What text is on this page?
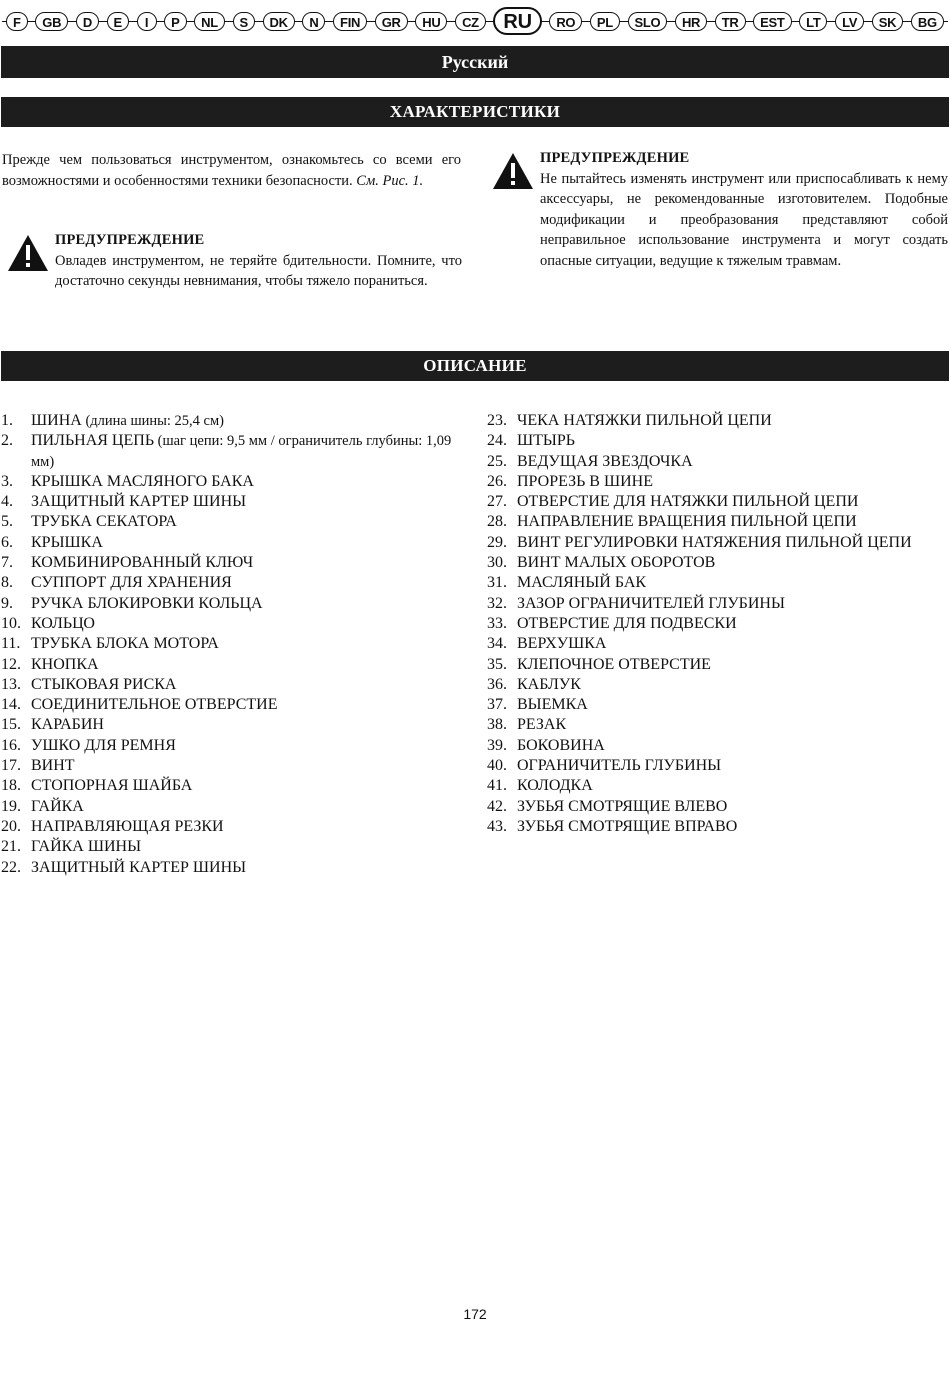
F	GB	D	E	I	P	NL	S	DK	N	FIN	GR	HU	CZ	RU	RO	PL	SLO	HR	TR	EST	LT	LV	SK	BG
Русский
ХАРАКТЕРИСТИКИ
Прежде чем пользоваться инструментом, ознакомьтесь со всеми его возможностями и особенностями техники безопасности. См. Рис. 1.
ПРЕДУПРЕЖДЕНИЕ
Овладев инструментом, не теряйте бдительности. Помните, что достаточно секунды невнимания, чтобы тяжело пораниться.
ПРЕДУПРЕЖДЕНИЕ
Не пытайтесь изменять инструмент или приспосабливать к нему аксессуары, не рекомендованные изготовителем. Подобные модификации и преобразования представляют собой неправильное использование инструмента и могут создать опасные ситуации, ведущие к тяжелым травмам.
ОПИСАНИЕ
1. ШИНА (длина шины: 25,4 см)
2. ПИЛЬНАЯ ЦЕПЬ (шаг цепи: 9,5 мм / ограничитель глубины: 1,09 мм)
3. КРЫШКА МАСЛЯНОГО БАКА
4. ЗАЩИТНЫЙ КАРТЕР ШИНЫ
5. ТРУБКА СЕКАТОРА
6. КРЫШКА
7. КОМБИНИРОВАННЫЙ КЛЮЧ
8. СУППОРТ ДЛЯ ХРАНЕНИЯ
9. РУЧКА БЛОКИРОВКИ КОЛЬЦА
10. КОЛЬЦО
11. ТРУБКА БЛОКА МОТОРА
12. КНОПКА
13. СТЫКОВАЯ РИСКА
14. СОЕДИНИТЕЛЬНОЕ ОТВЕРСТИЕ
15. КАРАБИН
16. УШКО ДЛЯ РЕМНЯ
17. ВИНТ
18. СТОПОРНАЯ ШАЙБА
19. ГАЙКА
20. НАПРАВЛЯЮЩАЯ РЕЗКИ
21. ГАЙКА ШИНЫ
22. ЗАЩИТНЫЙ КАРТЕР ШИНЫ
23. ЧЕКА НАТЯЖКИ ПИЛЬНОЙ ЦЕПИ
24. ШТЫРЬ
25. ВЕДУЩАЯ ЗВЕЗДОЧКА
26. ПРОРЕЗЬ В ШИНЕ
27. ОТВЕРСТИЕ ДЛЯ НАТЯЖКИ ПИЛЬНОЙ ЦЕПИ
28. НАПРАВЛЕНИЕ ВРАЩЕНИЯ ПИЛЬНОЙ ЦЕПИ
29. ВИНТ РЕГУЛИРОВКИ НАТЯЖЕНИЯ ПИЛЬНОЙ ЦЕПИ
30. ВИНТ МАЛЫХ ОБОРОТОВ
31. МАСЛЯНЫЙ БАК
32. ЗАЗОР ОГРАНИЧИТЕЛЕЙ ГЛУБИНЫ
33. ОТВЕРСТИЕ ДЛЯ ПОДВЕСКИ
34. ВЕРХУШКА
35. КЛЕПОЧНОЕ ОТВЕРСТИЕ
36. КАБЛУК
37. ВЫЕМКА
38. РЕЗАК
39. БОКОВИНА
40. ОГРАНИЧИТЕЛЬ ГЛУБИНЫ
41. КОЛОДКА
42. ЗУБЬЯ СМОТРЯЩИЕ ВЛЕВО
43. ЗУБЬЯ СМОТРЯЩИЕ ВПРАВО
172
